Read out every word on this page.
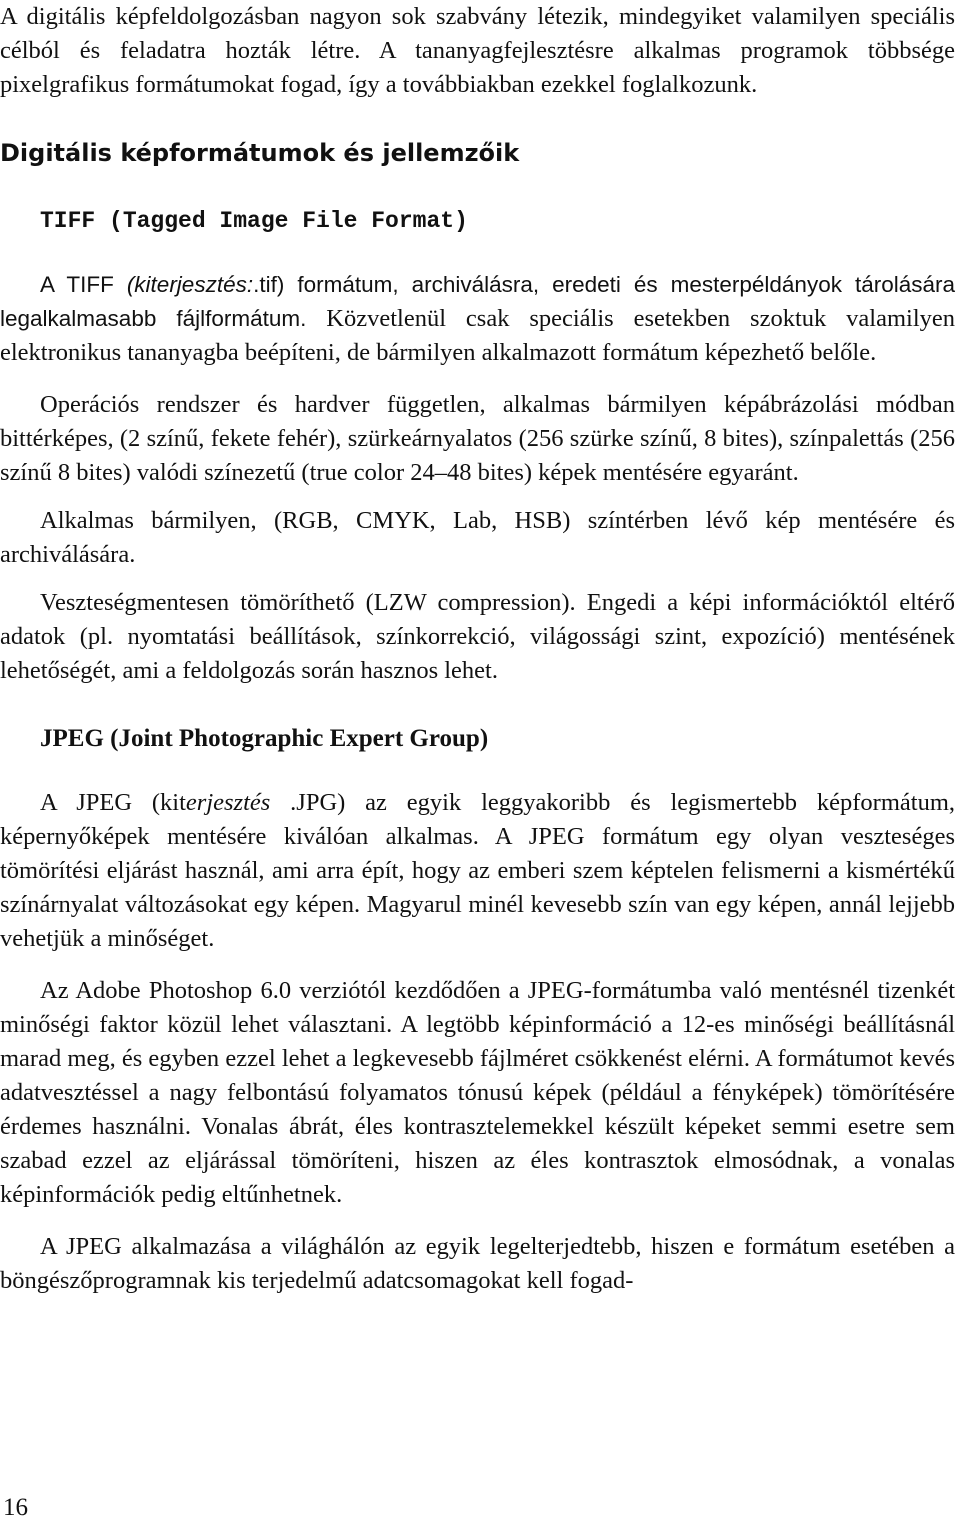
A digitális képfeldolgozásban nagyon sok szabvány létezik, mindegyiket valamilyen speciális célból és feladatra hozták létre. A tananyagfejlesztésre alkalmas programok többsége pixelgrafikus formátumokat fogad, így a továbbiakban ezekkel foglalkozunk.

Digitális képformátumok és jellemzőik
TIFF (Tagged Image File Format)

A TIFF (kiterjesztés:.tif) formátum, archiválásra, eredeti és mesterpéldányok tárolására legalkalmasabb fájlformátum. Közvetlenül csak speciális esetekben szoktuk valamilyen elektronikus tananyagba beépíteni, de bármilyen alkalmazott formátum képezhető belőle.

Operációs rendszer és hardver független, alkalmas bármilyen képábrázolási módban bittérképes, (2 színű, fekete fehér), szürkeárnyalatos (256 szürke színű, 8 bites), színpalettás (256 színű 8 bites) valódi színezetű (true color 24–48 bites) képek mentésére egyaránt.

Alkalmas bármilyen, (RGB, CMYK, Lab, HSB) színtérben lévő kép mentésére és archiválására.

Veszteségmentesen tömöríthető (LZW compression). Engedi a képi információktól eltérő adatok (pl. nyomtatási beállítások, színkorrekció, világossági szint, expozíció) mentésének lehetőségét, ami a feldolgozás során hasznos lehet.

JPEG (Joint Photographic Expert Group)

A JPEG (kiterjesztés .JPG) az egyik leggyakoribb és legismertebb képformátum, képernyőképek mentésére kiválóan alkalmas. A JPEG formátum egy olyan veszteséges tömörítési eljárást használ, ami arra épít, hogy az emberi szem képtelen felismerni a kismértékű színárnyalat változásokat egy képen. Magyarul minél kevesebb szín van egy képen, annál lejjebb vehetjük a minőséget.

Az Adobe Photoshop 6.0 verziótól kezdődően a JPEG-formátumba való mentésnél tizenkét minőségi faktor közül lehet választani. A legtöbb képinformáció a 12-es minőségi beállításnál marad meg, és egyben ezzel lehet a legkevesebb fájlméret csökkenést elérni. A formátumot kevés adatvesztéssel a nagy felbontású folyamatos tónusú képek (például a fényképek) tömörítésére érdemes használni. Vonalas ábrát, éles kontrasztelemekkel készült képeket semmi esetre sem szabad ezzel az eljárással tömöríteni, hiszen az éles kontrasztok elmosódnak, a vonalas képinformációk pedig eltűnhetnek.

A JPEG alkalmazása a világhálón az egyik legelterjedtebb, hiszen e formátum esetében a böngészőprogramnak kis terjedelmű adatcsomagokat kell fogad-

16
